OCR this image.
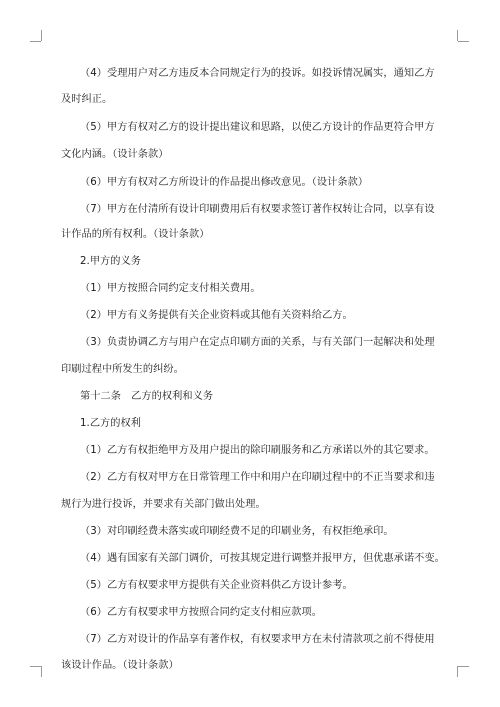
（4）受理用户对乙方违反本合同规定行为的投诉。如投诉情况属实，通知乙方
及时纠正。
（5）甲方有权对乙方的设计提出建议和思路，以使乙方设计的作品更符合甲方
文化内涵。（设计条款）
（6）甲方有权对乙方所设计的作品提出修改意见。（设计条款）
（7）甲方在付清所有设计印刷费用后有权要求签订著作权转让合同，以享有设
计作品的所有权利。（设计条款）
2.甲方的义务
（1）甲方按照合同约定支付相关费用。
（2）甲方有义务提供有关企业资料或其他有关资料给乙方。
（3）负责协调乙方与用户在定点印刷方面的关系，与有关部门一起解决和处理
印刷过程中所发生的纠纷。
第十二条　乙方的权利和义务
1.乙方的权利
（1）乙方有权拒绝甲方及用户提出的除印刷服务和乙方承诺以外的其它要求。
（2）乙方有权对甲方在日常管理工作中和用户在印刷过程中的不正当要求和违
规行为进行投诉，并要求有关部门做出处理。
（3）对印刷经费未落实或印刷经费不足的印刷业务，有权拒绝承印。
（4）遇有国家有关部门调价，可按其规定进行调整并报甲方，但优惠承诺不变。
（5）乙方有权要求甲方提供有关企业资料供乙方设计参考。
（6）乙方有权要求甲方按照合同约定支付相应款项。
（7）乙方对设计的作品享有著作权，有权要求甲方在未付清款项之前不得使用
该设计作品。（设计条款）
